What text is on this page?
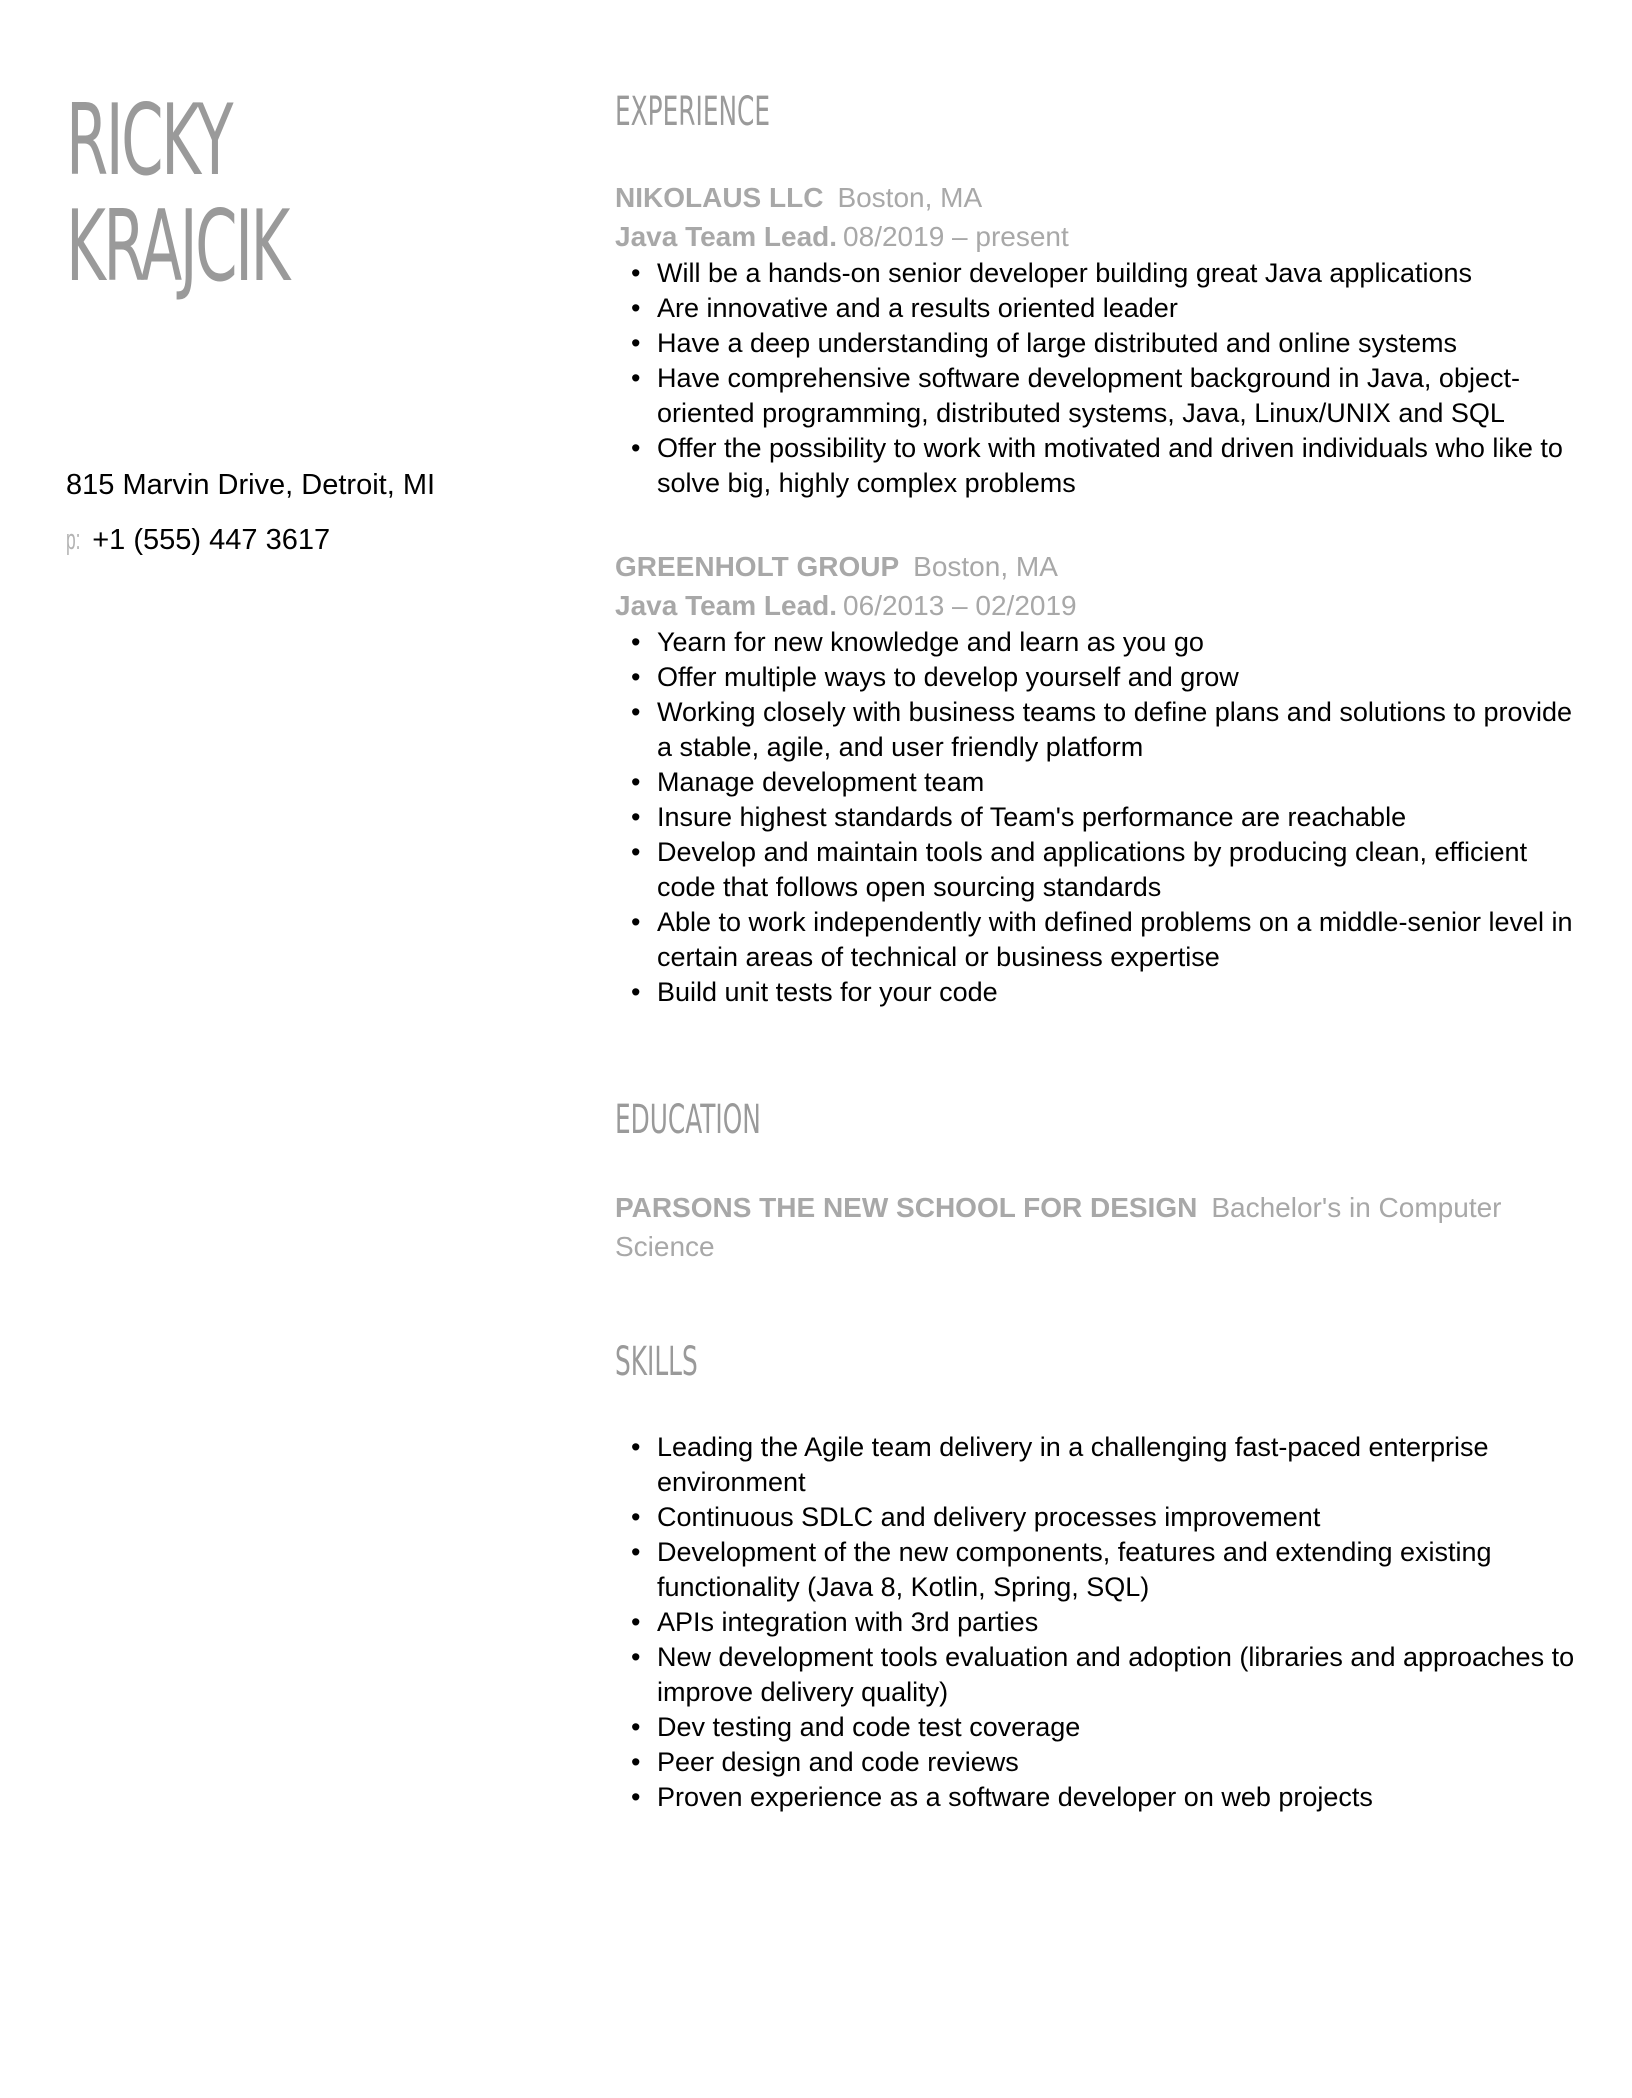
RICKY
KRAJCIK
815 Marvin Drive, Detroit, MI
p: +1 (555) 447 3617
EXPERIENCE
NIKOLAUS LLC Boston, MA
Java Team Lead. 08/2019 – present
• Will be a hands-on senior developer building great Java applications
• Are innovative and a results oriented leader
• Have a deep understanding of large distributed and online systems
• Have comprehensive software development background in Java, object-oriented programming, distributed systems, Java, Linux/UNIX and SQL
• Offer the possibility to work with motivated and driven individuals who like to solve big, highly complex problems
GREENHOLT GROUP Boston, MA
Java Team Lead. 06/2013 – 02/2019
• Yearn for new knowledge and learn as you go
• Offer multiple ways to develop yourself and grow
• Working closely with business teams to define plans and solutions to provide a stable, agile, and user friendly platform
• Manage development team
• Insure highest standards of Team's performance are reachable
• Develop and maintain tools and applications by producing clean, efficient code that follows open sourcing standards
• Able to work independently with defined problems on a middle-senior level in certain areas of technical or business expertise
• Build unit tests for your code
EDUCATION
PARSONS THE NEW SCHOOL FOR DESIGN Bachelor's in Computer Science
SKILLS
• Leading the Agile team delivery in a challenging fast-paced enterprise environment
• Continuous SDLC and delivery processes improvement
• Development of the new components, features and extending existing functionality (Java 8, Kotlin, Spring, SQL)
• APIs integration with 3rd parties
• New development tools evaluation and adoption (libraries and approaches to improve delivery quality)
• Dev testing and code test coverage
• Peer design and code reviews
• Proven experience as a software developer on web projects
